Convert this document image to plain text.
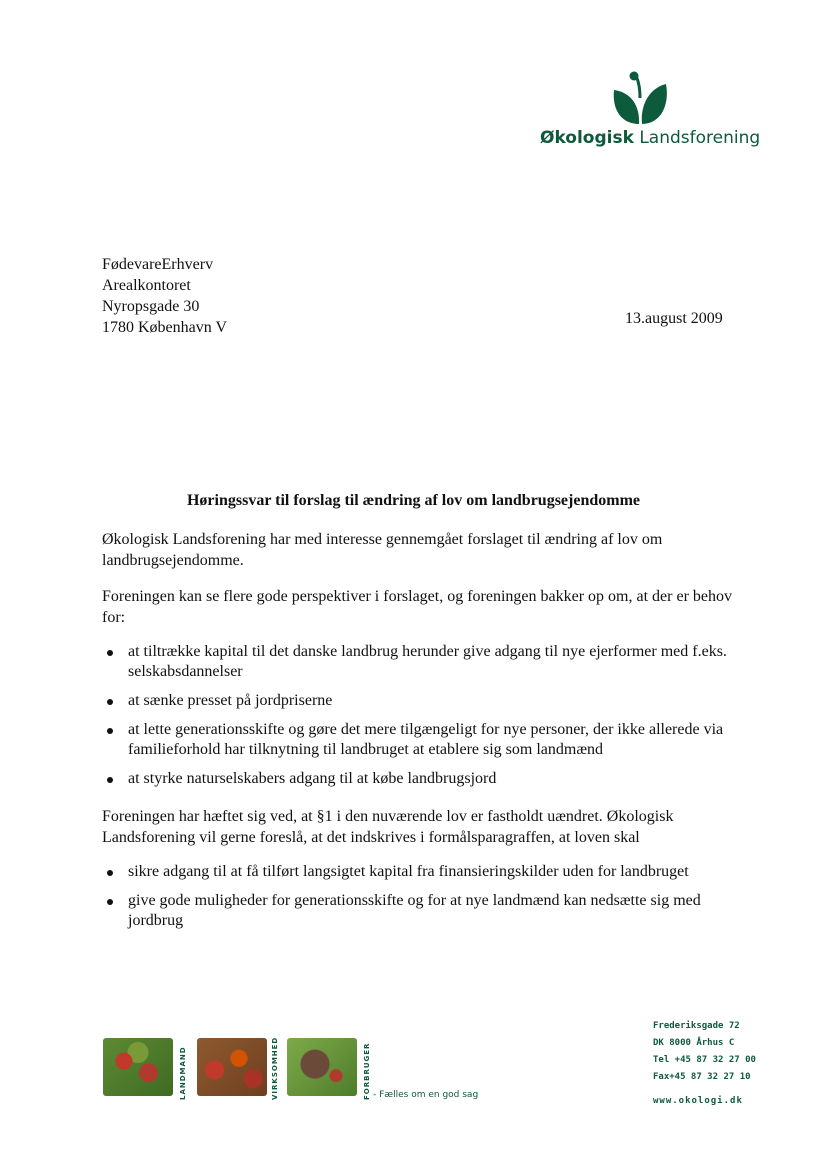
Økologisk Landsforening
FødevareErhverv
Arealkontoret
Nyropsgade 30
1780 København V
13.august 2009
Høringssvar til forslag til ændring af lov om landbrugsejendomme
Økologisk Landsforening har med interesse gennemgået forslaget til ændring af lov om landbrugsejendomme.
Foreningen kan se flere gode perspektiver i forslaget, og foreningen bakker op om, at der er behov for:
at tiltrække kapital til det danske landbrug herunder give adgang til nye ejerformer med f.eks. selskabsdannelser
at sænke presset på jordpriserne
at lette generationsskifte og gøre det mere tilgængeligt for nye personer, der ikke allerede via familieforhold har tilknytning til landbruget at etablere sig som landmænd
at styrke naturselskabers adgang til at købe landbrugsjord
Foreningen har hæftet sig ved, at §1 i den nuværende lov er fastholdt uændret. Økologisk Landsforening vil gerne foreslå, at det indskrives i formålsparagraffen, at loven skal
sikre adgang til at få tilført langsigtet kapital fra finansieringskilder uden for landbruget
give gode muligheder for generationsskifte og for at nye landmænd kan nedsætte sig med jordbrug
LANDMAND	VIRKSOMHED	FORBRUGER - Fælles om en god sag
Frederiksgade 72
DK 8000 Århus C
Tel +45 87 32 27 00
Fax+45 87 32 27 10
www.okologi.dk
